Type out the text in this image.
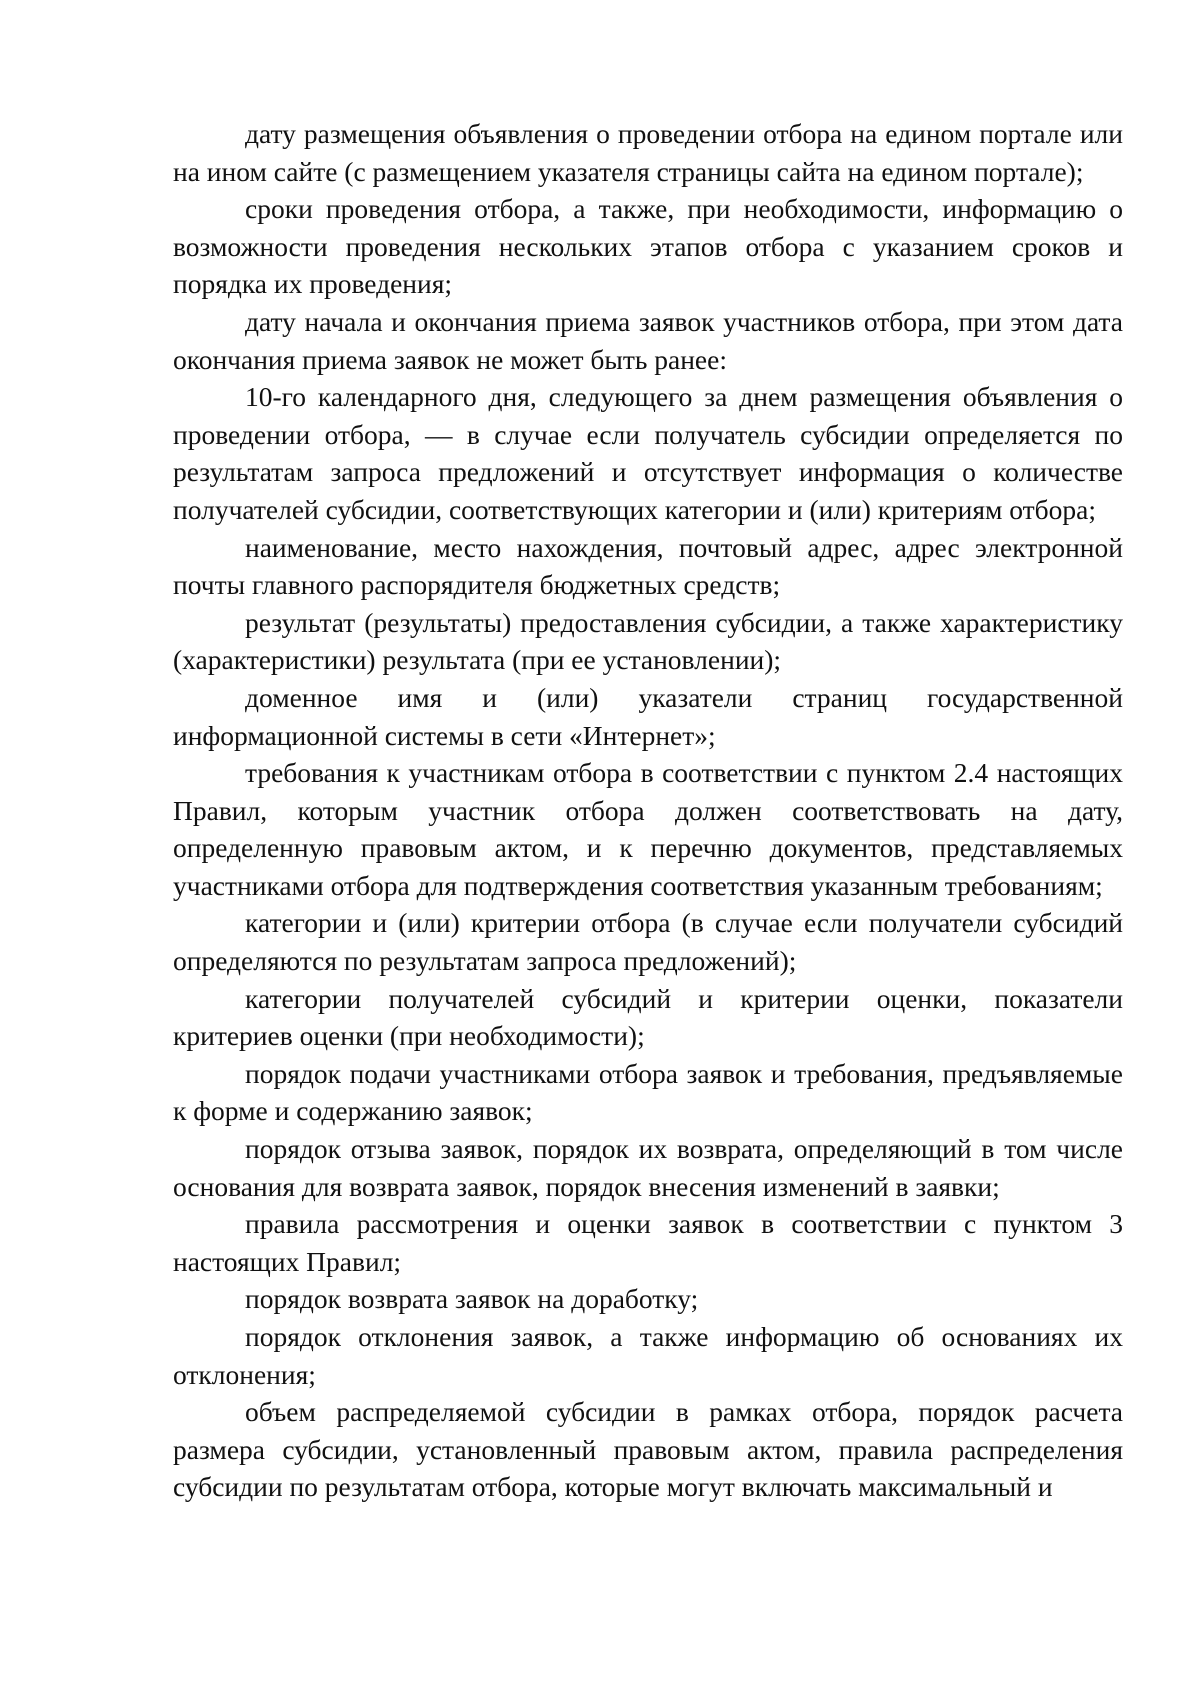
дату размещения объявления о проведении отбора на едином портале или на ином сайте (с размещением указателя страницы сайта на едином портале);

сроки проведения отбора, а также, при необходимости, информацию о возможности проведения нескольких этапов отбора с указанием сроков и порядка их проведения;

дату начала и окончания приема заявок участников отбора, при этом дата окончания приема заявок не может быть ранее:

10-го календарного дня, следующего за днем размещения объявления о проведении отбора, — в случае если получатель субсидии определяется по результатам запроса предложений и отсутствует информация о количестве получателей субсидии, соответствующих категории и (или) критериям отбора;

наименование, место нахождения, почтовый адрес, адрес электронной почты главного распорядителя бюджетных средств;

результат (результаты) предоставления субсидии, а также характеристику (характеристики) результата (при ее установлении);

доменное имя и (или) указатели страниц государственной информационной системы в сети «Интернет»;

требования к участникам отбора в соответствии с пунктом 2.4 настоящих Правил, которым участник отбора должен соответствовать на дату, определенную правовым актом, и к перечню документов, представляемых участниками отбора для подтверждения соответствия указанным требованиям;

категории и (или) критерии отбора (в случае если получатели субсидий определяются по результатам запроса предложений);

категории получателей субсидий и критерии оценки, показатели критериев оценки (при необходимости);

порядок подачи участниками отбора заявок и требования, предъявляемые к форме и содержанию заявок;

порядок отзыва заявок, порядок их возврата, определяющий в том числе основания для возврата заявок, порядок внесения изменений в заявки;

правила рассмотрения и оценки заявок в соответствии с пунктом 3 настоящих Правил;

порядок возврата заявок на доработку;

порядок отклонения заявок, а также информацию об основаниях их отклонения;

объем распределяемой субсидии в рамках отбора, порядок расчета размера субсидии, установленный правовым актом, правила распределения субсидии по результатам отбора, которые могут включать максимальный и
